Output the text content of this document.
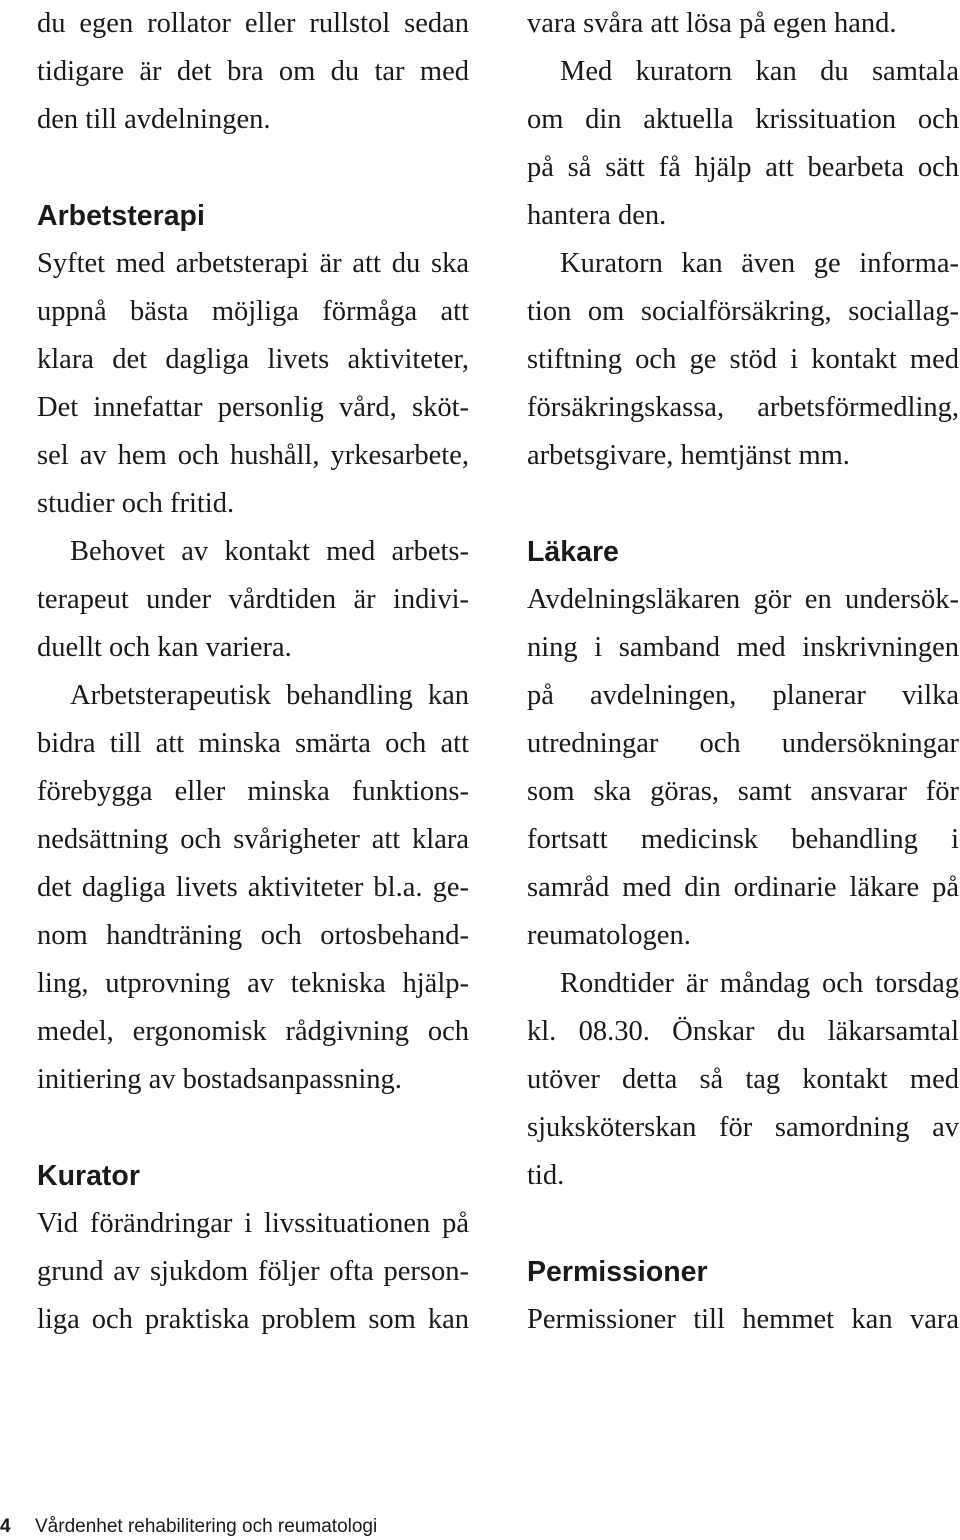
du egen rollator eller rullstol sedan
tidigare är det bra om du tar med
den till avdelningen.
Arbetsterapi
Syftet med arbetsterapi är att du ska
uppnå bästa möjliga förmåga att
klara det dagliga livets aktiviteter,
Det innefattar personlig vård, sköt-
sel av hem och hushåll, yrkesarbete,
studier och fritid.
Behovet av kontakt med arbets-
terapeut under vårdtiden är indivi-
duellt och kan variera.
Arbetsterapeutisk behandling kan
bidra till att minska smärta och att
förebygga eller minska funktions-
nedsättning och svårigheter att klara
det dagliga livets aktiviteter bl.a. ge-
nom handträning och ortosbehand-
ling, utprovning av tekniska hjälp-
medel, ergonomisk rådgivning och
initiering av bostadsanpassning.
Kurator
Vid förändringar i livssituationen på
grund av sjukdom följer ofta person-
liga och praktiska problem som kan
vara svåra att lösa på egen hand.
Med kuratorn kan du samtala
om din aktuella krissituation och
på så sätt få hjälp att bearbeta och
hantera den.
Kuratorn kan även ge informa-
tion om socialförsäkring, sociallag-
stiftning och ge stöd i kontakt med
försäkringskassa, arbetsförmedling,
arbetsgivare, hemtjänst mm.
Läkare
Avdelningsläkaren gör en undersök-
ning i samband med inskrivningen
på avdelningen, planerar vilka
utredningar och undersökningar
som ska göras, samt ansvarar för
fortsatt medicinsk behandling i
samråd med din ordinarie läkare på
reumatologen.
Rondtider är måndag och torsdag
kl. 08.30. Önskar du läkarsamtal
utöver detta så tag kontakt med
sjuksköterskan för samordning av
tid.
Permissioner
Permissioner till hemmet kan vara
4 Vårdenhet rehabilitering och reumatologi
